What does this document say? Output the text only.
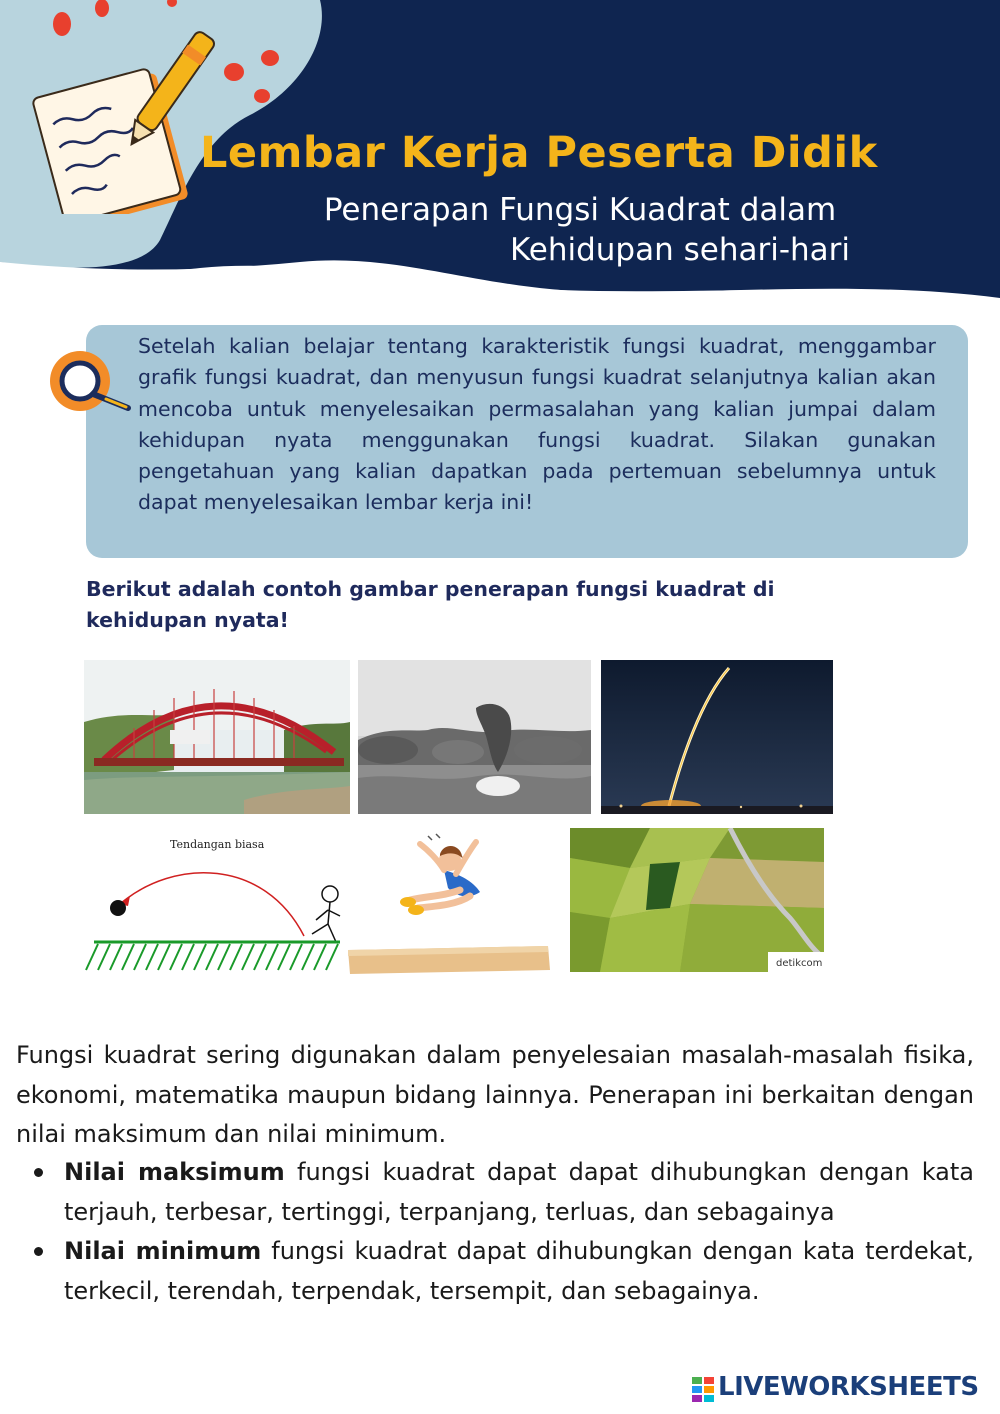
Lembar Kerja Peserta Didik
Penerapan Fungsi Kuadrat dalam
Kehidupan sehari-hari
Setelah kalian belajar tentang karakteristik fungsi kuadrat, menggambar grafik fungsi kuadrat, dan menyusun fungsi kuadrat selanjutnya kalian akan mencoba untuk menyelesaikan permasalahan yang kalian jumpai dalam kehidupan nyata menggunakan fungsi kuadrat. Silakan gunakan pengetahuan yang kalian dapatkan pada pertemuan sebelumnya untuk dapat menyelesaikan lembar kerja ini!
Berikut adalah contoh gambar penerapan fungsi kuadrat di kehidupan nyata!
Tendangan biasa
detikcom
Fungsi kuadrat sering digunakan dalam penyelesaian masalah-masalah fisika, ekonomi, matematika maupun bidang lainnya. Penerapan ini berkaitan dengan nilai maksimum dan nilai minimum.
Nilai maksimum fungsi kuadrat dapat dapat dihubungkan dengan kata terjauh, terbesar, tertinggi, terpanjang, terluas, dan sebagainya
Nilai minimum fungsi kuadrat dapat dihubungkan dengan kata terdekat, terkecil, terendah, terpendak, tersempit, dan sebagainya.
LIVEWORKSHEETS
